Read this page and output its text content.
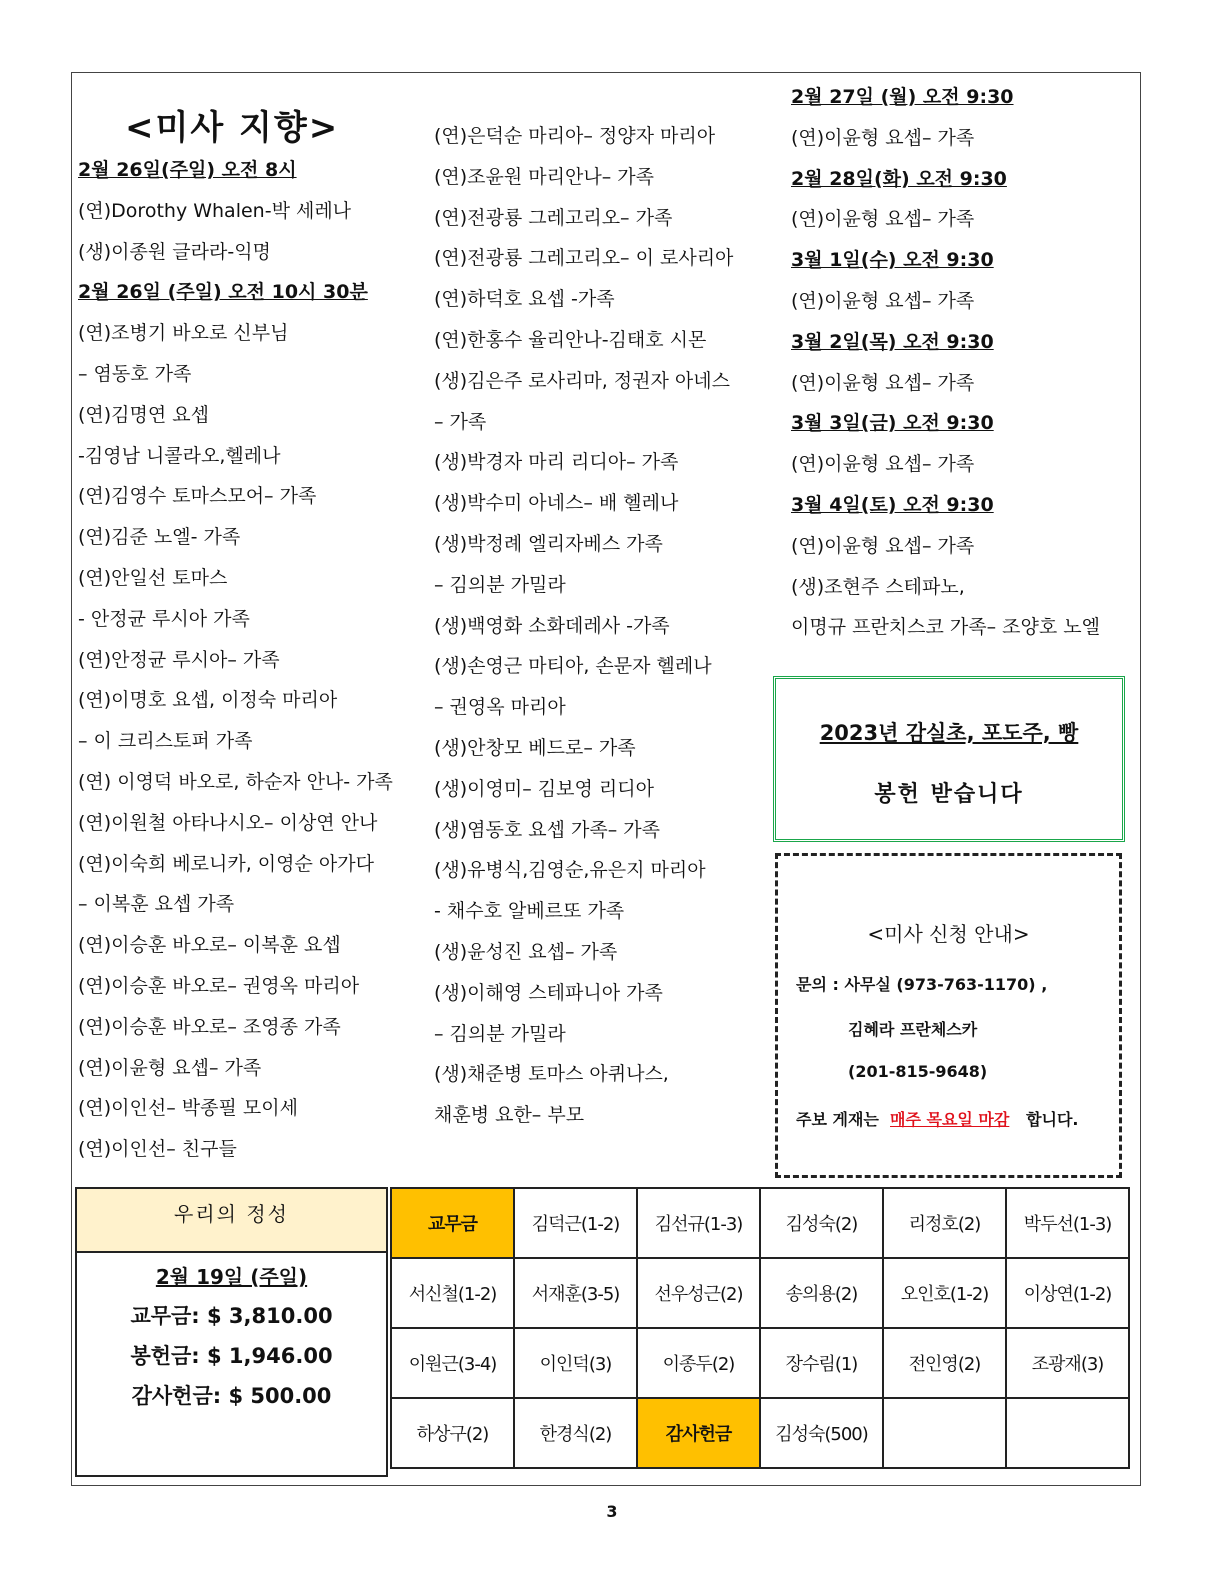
<미사 지향>
2월 26일(주일) 오전 8시
(연)Dorothy Whalen-박 세레나
(생)이종원 글라라-익명
2월 26일 (주일) 오전 10시 30분
(연)조병기 바오로 신부님
– 염동호 가족
(연)김명연 요셉
-김영남 니콜라오,헬레나
(연)김영수 토마스모어– 가족
(연)김준 노엘- 가족
(연)안일선 토마스
- 안정균 루시아 가족
(연)안정균 루시아– 가족
(연)이명호 요셉, 이정숙 마리아
– 이 크리스토퍼 가족
(연) 이영덕 바오로, 하순자 안나- 가족
(연)이원철 아타나시오– 이상연 안나
(연)이숙희 베로니카, 이영순 아가다
– 이복훈 요셉 가족
(연)이승훈 바오로– 이복훈 요셉
(연)이승훈 바오로– 권영옥 마리아
(연)이승훈 바오로– 조영종 가족
(연)이윤형 요셉– 가족
(연)이인선– 박종필 모이세
(연)이인선– 친구들
(연)은덕순 마리아– 정양자 마리아
(연)조윤원 마리안나– 가족
(연)전광룡 그레고리오– 가족
(연)전광룡 그레고리오– 이 로사리아
(연)하덕호 요셉 -가족
(연)한홍수 율리안나-김태호 시몬
(생)김은주 로사리마, 정권자 아네스
– 가족
(생)박경자 마리 리디아– 가족
(생)박수미 아네스– 배 헬레나
(생)박정례 엘리자베스 가족
– 김의분 가밀라
(생)백영화 소화데레사 -가족
(생)손영근 마티아, 손문자 헬레나
– 권영옥 마리아
(생)안창모 베드로– 가족
(생)이영미– 김보영 리디아
(생)염동호 요셉 가족– 가족
(생)유병식,김영순,유은지 마리아
- 채수호 알베르또 가족
(생)윤성진 요셉– 가족
(생)이해영 스테파니아 가족
– 김의분 가밀라
(생)채준병 토마스 아퀴나스,
채훈병 요한– 부모
2월 27일 (월) 오전 9:30
(연)이윤형 요셉– 가족
2월 28일(화) 오전 9:30
(연)이윤형 요셉– 가족
3월 1일(수) 오전 9:30
(연)이윤형 요셉– 가족
3월 2일(목) 오전 9:30
(연)이윤형 요셉– 가족
3월 3일(금) 오전 9:30
(연)이윤형 요셉– 가족
3월 4일(토) 오전 9:30
(연)이윤형 요셉– 가족
(생)조현주 스테파노,
이명규 프란치스코 가족– 조양호 노엘
2023년 감실초, 포도주, 빵
봉헌 받습니다
<미사 신청 안내>
문의 : 사무실 (973-763-1170) ,
김혜라 프란체스카
(201-815-9648)
주보 게재는 매주 목요일 마감 합니다.
우리의 정성
2월 19일 (주일)
교무금: $ 3,810.00
봉헌금: $ 1,946.00
감사헌금: $ 500.00
교무금	김덕근(1-2)	김선규(1-3)	김성숙(2)	리정호(2)	박두선(1-3)
서신철(1-2)	서재훈(3-5)	선우성근(2)	송의용(2)	오인호(1-2)	이상연(1-2)
이원근(3-4)	이인덕(3)	이종두(2)	장수림(1)	전인영(2)	조광재(3)
하상구(2)	한경식(2)	감사헌금	김성숙(500)		
3
